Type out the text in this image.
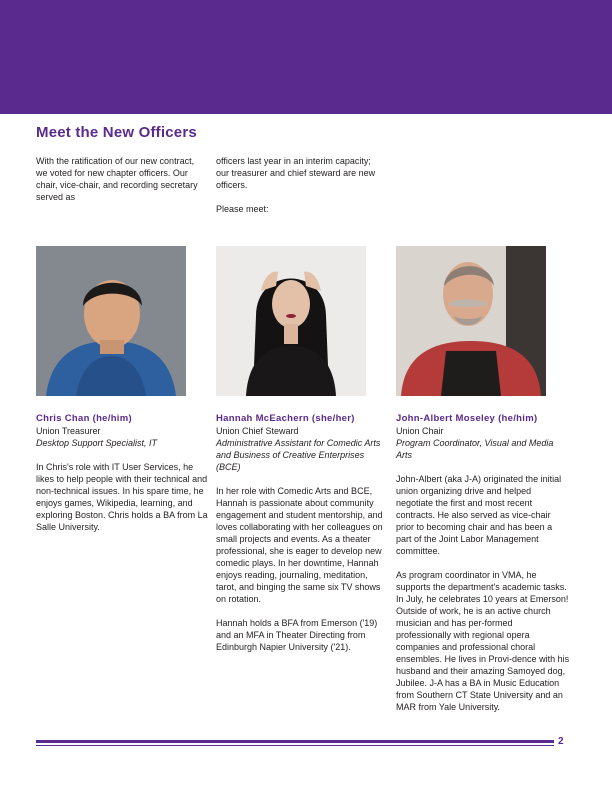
Meet the New Officers

With the ratification of our new contract, we voted for new chapter officers. Our chair, vice-chair, and recording secretary served as

officers last year in an interim capacity; our treasurer and chief steward are new officers.

Please meet:

Chris Chan (he/him)

Union Treasurer

Desktop Support Specialist, IT

In Chris's role with IT User Services, he likes to help people with their technical and non-technical issues. In his spare time, he enjoys games, Wikipedia, learning, and exploring Boston. Chris holds a BA from La Salle University.

Hannah McEachern (she/her)

Union Chief Steward

Administrative Assistant for Comedic Arts and Business of Creative Enterprises (BCE)

In her role with Comedic Arts and BCE, Hannah is passionate about community engagement and student mentorship, and loves collaborating with her colleagues on small projects and events. As a theater professional, she is eager to develop new comedic plays. In her downtime, Hannah enjoys reading, journaling, meditation, tarot, and binging the same six TV shows on rotation.

Hannah holds a BFA from Emerson ('19) and an MFA in Theater Directing from Edinburgh Napier University ('21).

John-Albert Moseley (he/him)

Union Chair

Program Coordinator, Visual and Media Arts

John-Albert (aka J-A) originated the initial union organizing drive and helped negotiate the first and most recent contracts. He also served as vice-chair prior to becoming chair and has been a part of the Joint Labor Management committee.

As program coordinator in VMA, he supports the department's academic tasks. In July, he celebrates 10 years at Emerson! Outside of work, he is an active church musician and has per-formed professionally with regional opera companies and professional choral ensembles. He lives in Provi-dence with his husband and their amazing Samoyed dog, Jubilee. J-A has a BA in Music Education from Southern CT State University and an MAR from Yale University.

2
